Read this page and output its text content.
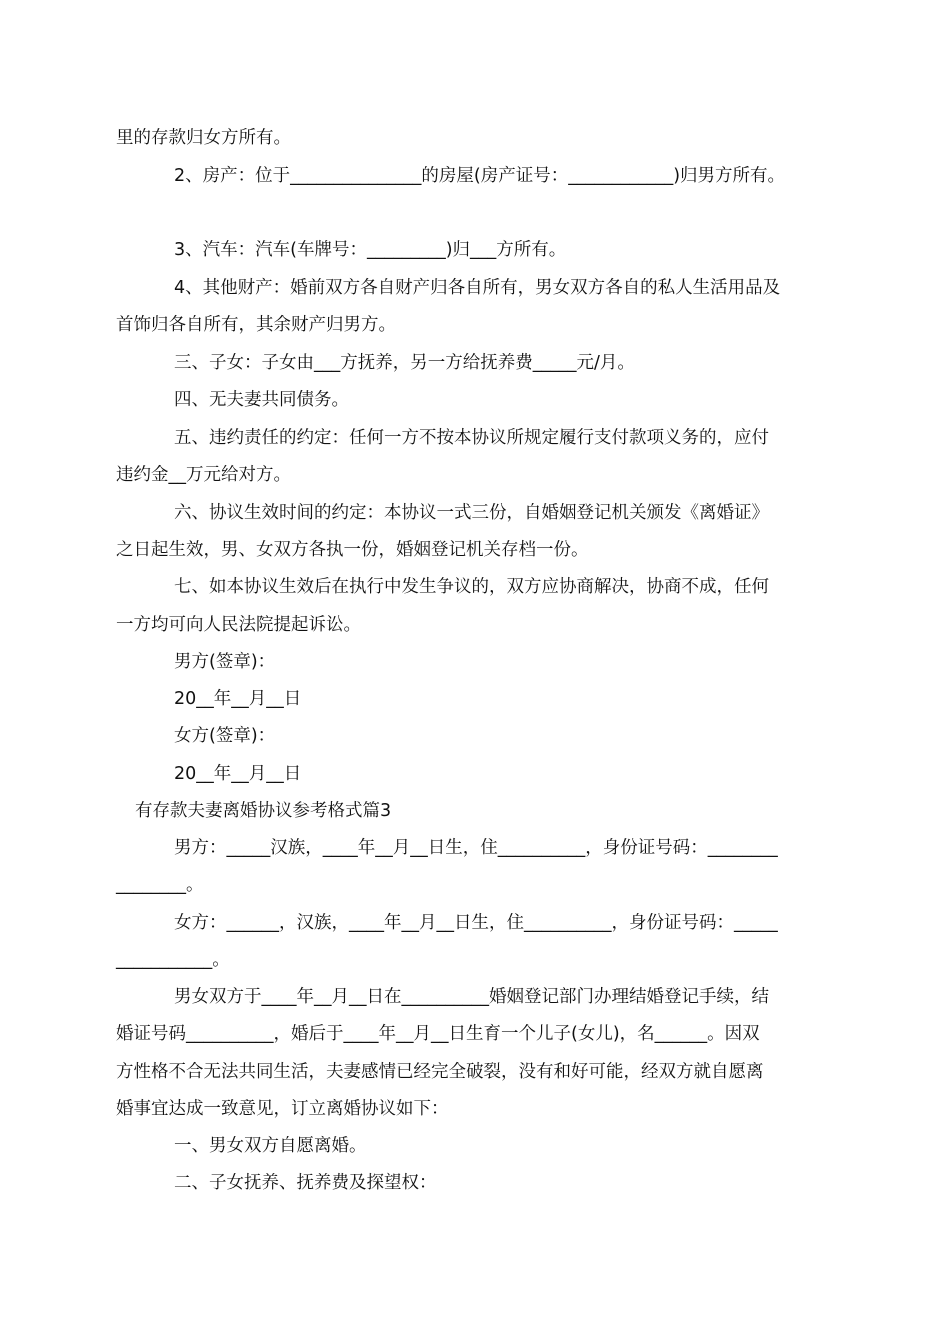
里的存款归女方所有。
2、房产：位于_______________的房屋(房产证号：____________)归男方所有。
3、汽车：汽车(车牌号：_________)归___方所有。
4、其他财产：婚前双方各自财产归各自所有，男女双方各自的私人生活用品及
首饰归各自所有，其余财产归男方。
三、子女：子女由___方抚养，另一方给抚养费_____元/月。
四、无夫妻共同债务。
五、违约责任的约定：任何一方不按本协议所规定履行支付款项义务的，应付
违约金__万元给对方。
六、协议生效时间的约定：本协议一式三份，自婚姻登记机关颁发《离婚证》
之日起生效，男、女双方各执一份，婚姻登记机关存档一份。
七、如本协议生效后在执行中发生争议的，双方应协商解决，协商不成，任何
一方均可向人民法院提起诉讼。
男方(签章)：
20__年__月__日
女方(签章)：
20__年__月__日
有存款夫妻离婚协议参考格式篇3
男方：_____汉族，____年__月__日生，住__________，身份证号码：________
________。
女方：______，汉族，____年__月__日生，住__________，身份证号码：_____
___________。
男女双方于____年__月__日在__________婚姻登记部门办理结婚登记手续，结
婚证号码__________，婚后于____年__月__日生育一个儿子(女儿)，名______。因双
方性格不合无法共同生活，夫妻感情已经完全破裂，没有和好可能，经双方就自愿离
婚事宜达成一致意见，订立离婚协议如下：
一、男女双方自愿离婚。
二、子女抚养、抚养费及探望权：
